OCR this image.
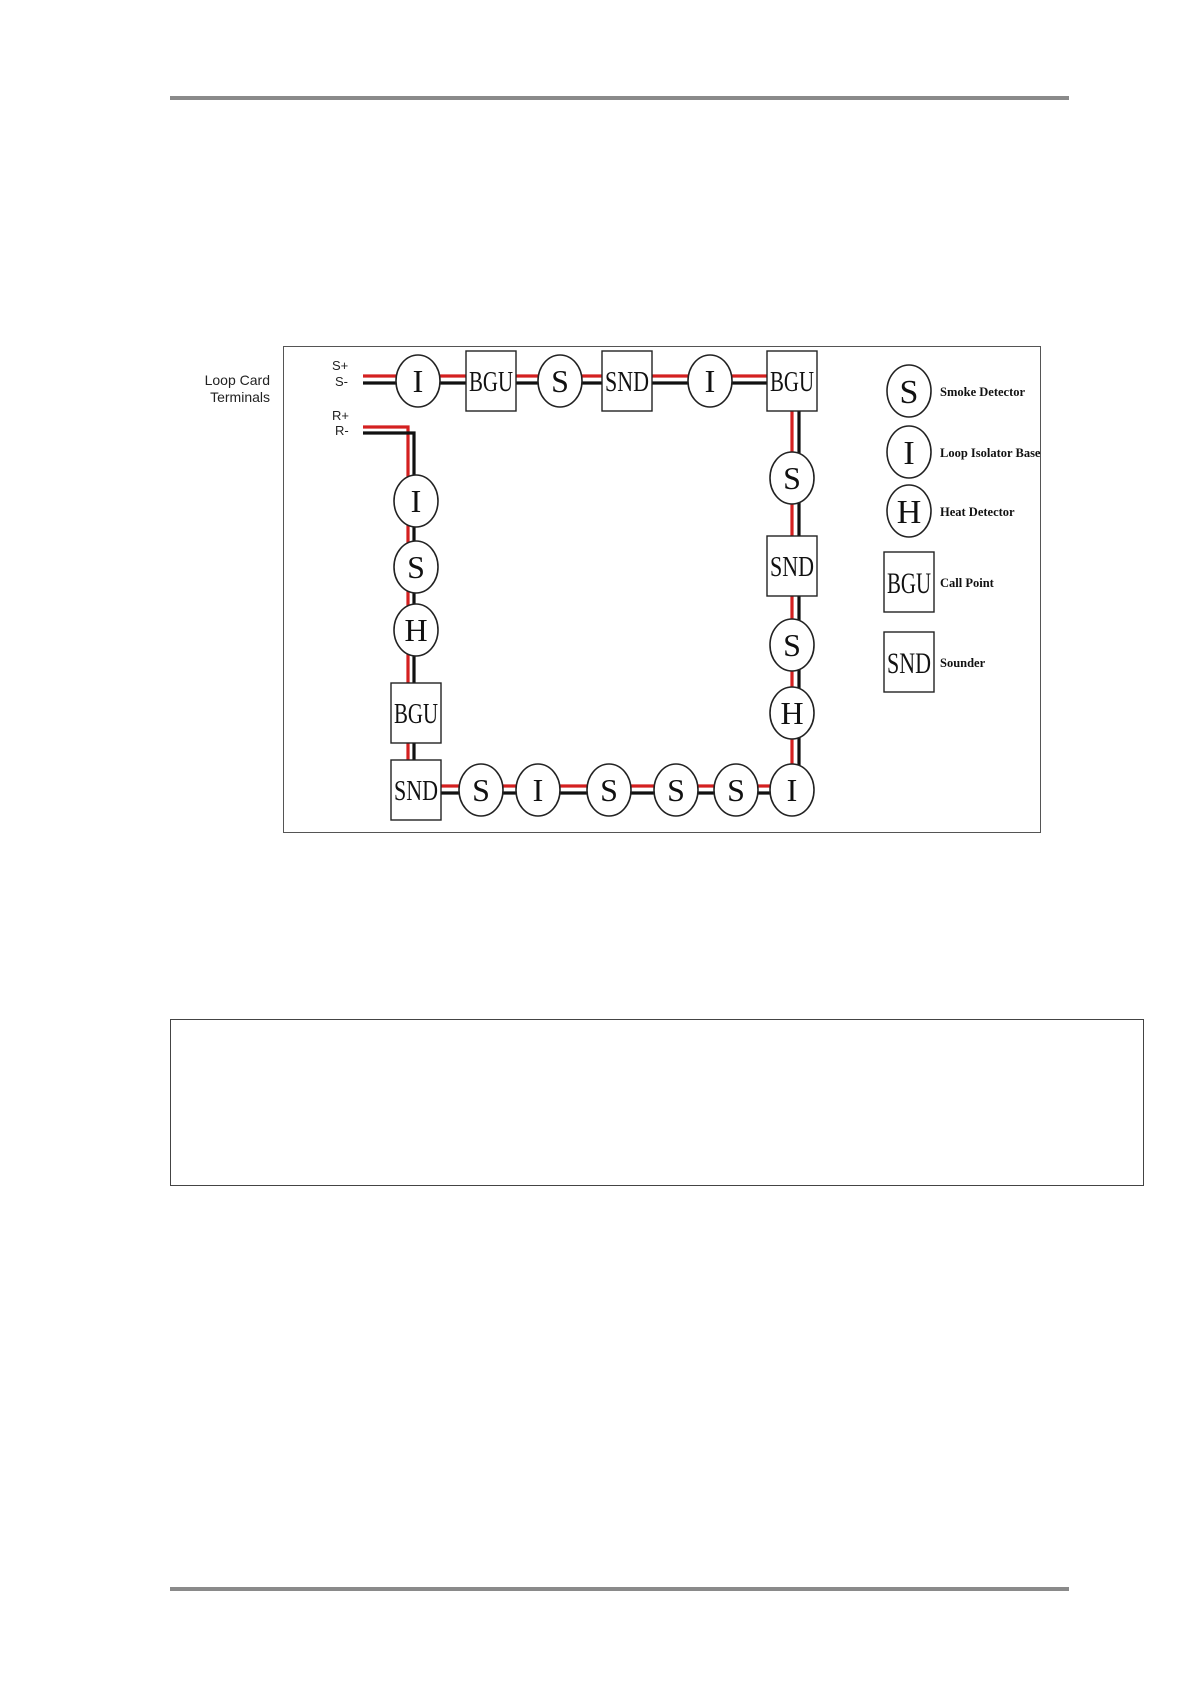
Loop Card
Terminals
S+
S-
R+
R-
I BGU S SND I BGU
S
SND
S
H
I
S
S
S
I
S
SND
BGU
H
S
I
S Smoke Detector
I Loop Isolator Base
H Heat Detector
BGU Call Point
SND Sounder
